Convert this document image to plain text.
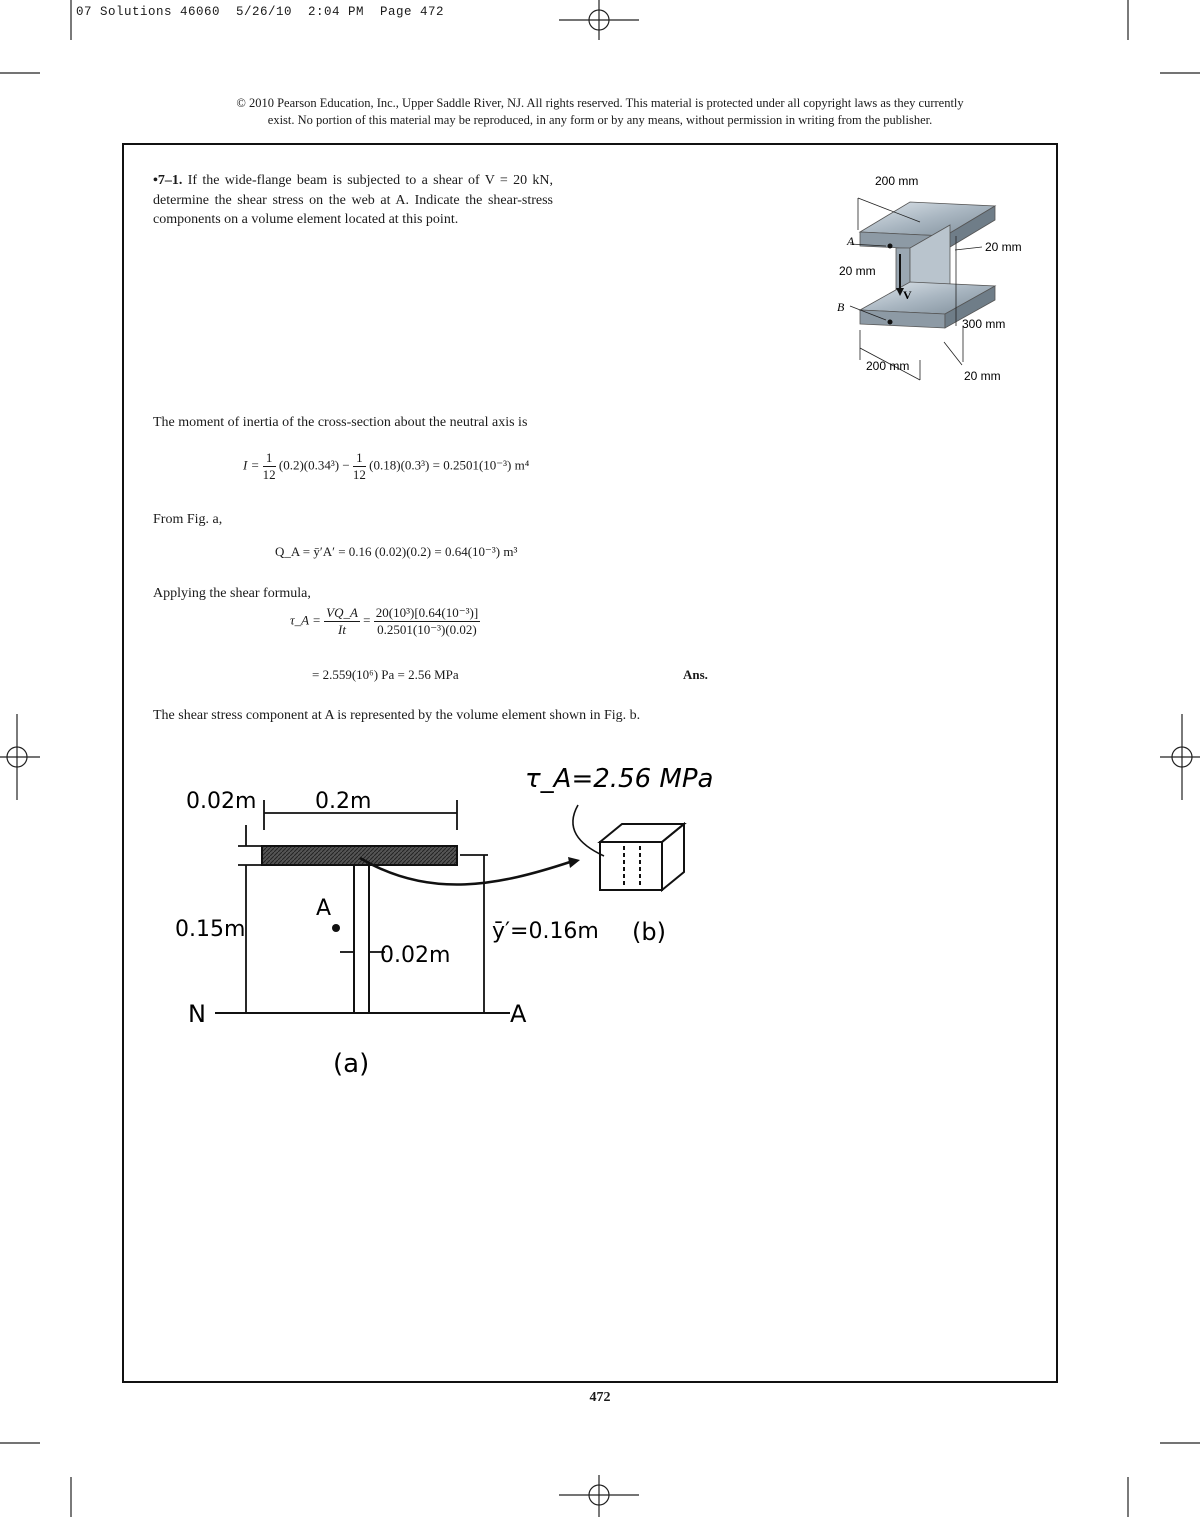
07 Solutions 46060  5/26/10  2:04 PM  Page 472
© 2010 Pearson Education, Inc., Upper Saddle River, NJ. All rights reserved. This material is protected under all copyright laws as they currently
exist. No portion of this material may be reproduced, in any form or by any means, without permission in writing from the publisher.
•7–1. If the wide-flange beam is subjected to a shear of V = 20 kN, determine the shear stress on the web at A. Indicate the shear-stress components on a volume element located at this point.
200 mm
20 mm
20 mm
300 mm
200 mm
20 mm
A
B
V
The moment of inertia of the cross-section about the neutral axis is
$I = \frac{1}{12} (0.2)(0.34^3) - \frac{1}{12} (0.18)(0.3^3) = 0.2501(10^{-3})$ m⁴
From Fig. a,
Q_A = ȳ′A′ = 0.16 (0.02)(0.2) = 0.64(10⁻³) m³
Applying the shear formula,
τ_A = $\frac{VQ\_A}{It} = \frac{\text{20(10³)[0.64(10⁻³)]}}{\text{0.2501(10⁻³)(0.02)}}$
= 2.559(10⁶) Pa = 2.56 MPa	Ans.
The shear stress component at A is represented by the volume element shown in Fig. b.
τ_A=2.56 MPa
0.02m	0.2m
0.15m
0.02m
A
ȳ′=0.16m (b)
(a)
N	A
472
